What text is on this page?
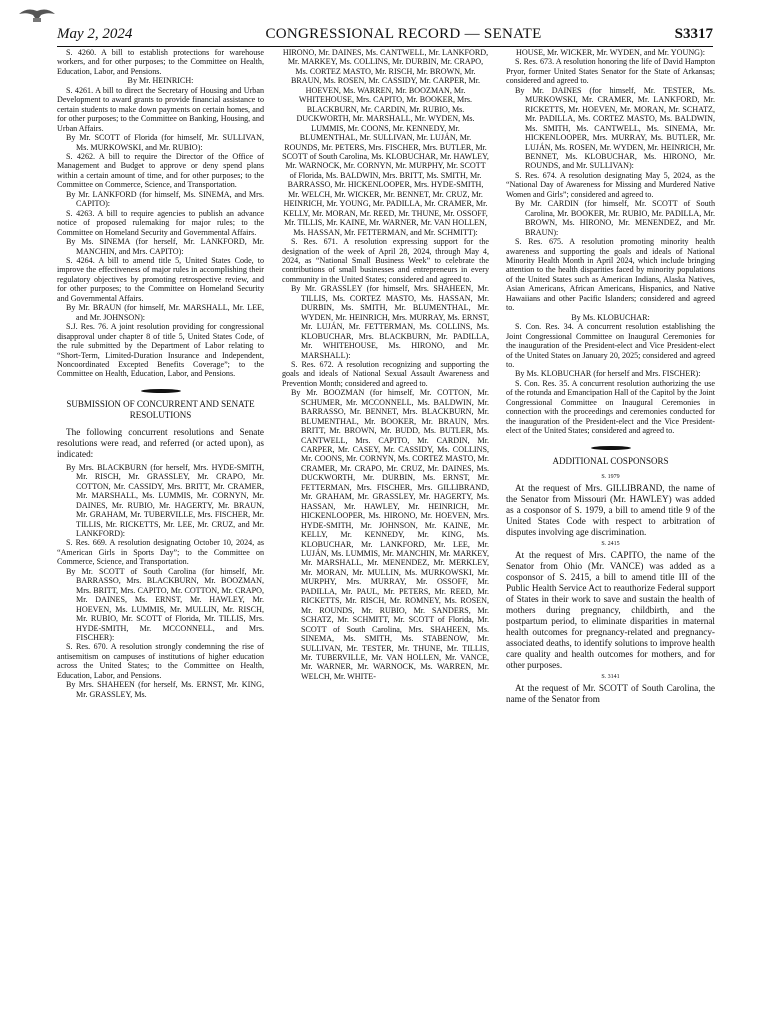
May 2, 2024	CONGRESSIONAL RECORD — SENATE	S3317

S. 4260. A bill to establish protections for warehouse workers, and for other purposes; to the Committee on Health, Education, Labor, and Pensions.

By Mr. HEINRICH:

S. 4261. A bill to direct the Secretary of Housing and Urban Development to award grants to provide financial assistance to certain students to make down payments on certain homes, and for other purposes; to the Committee on Banking, Housing, and Urban Affairs.

By Mr. SCOTT of Florida (for himself, Mr. SULLIVAN, Ms. MURKOWSKI, and Mr. RUBIO):

S. 4262. A bill to require the Director of the Office of Management and Budget to approve or deny spend plans within a certain amount of time, and for other purposes; to the Committee on Commerce, Science, and Transportation.

By Mr. LANKFORD (for himself, Ms. SINEMA, and Mrs. CAPITO):

S. 4263. A bill to require agencies to publish an advance notice of proposed rulemaking for major rules; to the Committee on Homeland Security and Governmental Affairs.

By Ms. SINEMA (for herself, Mr. LANKFORD, Mr. MANCHIN, and Mrs. CAPITO):

S. 4264. A bill to amend title 5, United States Code, to improve the effectiveness of major rules in accomplishing their regulatory objectives by promoting retrospective review, and for other purposes; to the Committee on Homeland Security and Governmental Affairs.

By Mr. BRAUN (for himself, Mr. MARSHALL, Mr. LEE, and Mr. JOHNSON):

S.J. Res. 76. A joint resolution providing for congressional disapproval under chapter 8 of title 5, United States Code, of the rule submitted by the Department of Labor relating to “Short-Term, Limited-Duration Insurance and Independent, Noncoordinated Excepted Benefits Coverage”; to the Committee on Health, Education, Labor, and Pensions.

SUBMISSION OF CONCURRENT AND SENATE RESOLUTIONS

The following concurrent resolutions and Senate resolutions were read, and referred (or acted upon), as indicated:

By Mrs. BLACKBURN (for herself, Mrs. HYDE-SMITH, Mr. RISCH, Mr. GRASSLEY, Mr. CRAPO, Mr. COTTON, Mr. CASSIDY, Mrs. BRITT, Mr. CRAMER, Mr. MARSHALL, Ms. LUMMIS, Mr. CORNYN, Mr. DAINES, Mr. RUBIO, Mr. HAGERTY, Mr. BRAUN, Mr. GRAHAM, Mr. TUBERVILLE, Mrs. FISCHER, Mr. TILLIS, Mr. RICKETTS, Mr. LEE, Mr. CRUZ, and Mr. LANKFORD):

S. Res. 669. A resolution designating October 10, 2024, as “American Girls in Sports Day”; to the Committee on Commerce, Science, and Transportation.

By Mr. SCOTT of South Carolina (for himself, Mr. BARRASSO, Mrs. BLACKBURN, Mr. BOOZMAN, Mrs. BRITT, Mrs. CAPITO, Mr. COTTON, Mr. CRAPO, Mr. DAINES, Ms. ERNST, Mr. HAWLEY, Mr. HOEVEN, Ms. LUMMIS, Mr. MULLIN, Mr. RISCH, Mr. RUBIO, Mr. SCOTT of Florida, Mr. TILLIS, Mrs. HYDE-SMITH, Mr. MCCONNELL, and Mrs. FISCHER):

S. Res. 670. A resolution strongly condemning the rise of antisemitism on campuses of institutions of higher education across the United States; to the Committee on Health, Education, Labor, and Pensions.

By Mrs. SHAHEEN (for herself, Ms. ERNST, Mr. KING, Mr. GRASSLEY, Ms.

HIRONO, Mr. DAINES, Ms. CANTWELL, Mr. LANKFORD, Mr. MARKEY, Ms. COLLINS, Mr. DURBIN, Mr. CRAPO, Ms. CORTEZ MASTO, Mr. RISCH, Mr. BROWN, Mr. BRAUN, Ms. ROSEN, Mr. CASSIDY, Mr. CARPER, Mr. HOEVEN, Ms. WARREN, Mr. BOOZMAN, Mr. WHITEHOUSE, Mrs. CAPITO, Mr. BOOKER, Mrs. BLACKBURN, Mr. CARDIN, Mr. RUBIO, Ms. DUCKWORTH, Mr. MARSHALL, Mr. WYDEN, Ms. LUMMIS, Mr. COONS, Mr. KENNEDY, Mr. BLUMENTHAL, Mr. SULLIVAN, Mr. LUJÁN, Mr. ROUNDS, Mr. PETERS, Mrs. FISCHER, Mrs. BUTLER, Mr. SCOTT of South Carolina, Ms. KLOBUCHAR, Mr. HAWLEY, Mr. WARNOCK, Mr. CORNYN, Mr. MURPHY, Mr. SCOTT of Florida, Ms. BALDWIN, Mrs. BRITT, Ms. SMITH, Mr. BARRASSO, Mr. HICKENLOOPER, Mrs. HYDE-SMITH, Mr. WELCH, Mr. WICKER, Mr. BENNET, Mr. CRUZ, Mr. HEINRICH, Mr. YOUNG, Mr. PADILLA, Mr. CRAMER, Mr. KELLY, Mr. MORAN, Mr. REED, Mr. THUNE, Mr. OSSOFF, Mr. TILLIS, Mr. KAINE, Mr. WARNER, Mr. VAN HOLLEN, Ms. HASSAN, Mr. FETTERMAN, and Mr. SCHMITT):

S. Res. 671. A resolution expressing support for the designation of the week of April 28, 2024, through May 4, 2024, as “National Small Business Week” to celebrate the contributions of small businesses and entrepreneurs in every community in the United States; considered and agreed to.

By Mr. GRASSLEY (for himself, Mrs. SHAHEEN, Mr. TILLIS, Ms. CORTEZ MASTO, Ms. HASSAN, Mr. DURBIN, Ms. SMITH, Mr. BLUMENTHAL, Mr. WYDEN, Mr. HEINRICH, Mrs. MURRAY, Ms. ERNST, Mr. LUJÁN, Mr. FETTERMAN, Ms. COLLINS, Ms. KLOBUCHAR, Mrs. BLACKBURN, Mr. PADILLA, Mr. WHITEHOUSE, Ms. HIRONO, and Mr. MARSHALL):

S. Res. 672. A resolution recognizing and supporting the goals and ideals of National Sexual Assault Awareness and Prevention Month; considered and agreed to.

By Mr. BOOZMAN (for himself, Mr. COTTON, Mr. SCHUMER, Mr. MCCONNELL, Ms. BALDWIN, Mr. BARRASSO, Mr. BENNET, Mrs. BLACKBURN, Mr. BLUMENTHAL, Mr. BOOKER, Mr. BRAUN, Mrs. BRITT, Mr. BROWN, Mr. BUDD, Ms. BUTLER, Ms. CANTWELL, Mrs. CAPITO, Mr. CARDIN, Mr. CARPER, Mr. CASEY, Mr. CASSIDY, Ms. COLLINS, Mr. COONS, Mr. CORNYN, Ms. CORTEZ MASTO, Mr. CRAMER, Mr. CRAPO, Mr. CRUZ, Mr. DAINES, Ms. DUCKWORTH, Mr. DURBIN, Ms. ERNST, Mr. FETTERMAN, Mrs. FISCHER, Mrs. GILLIBRAND, Mr. GRAHAM, Mr. GRASSLEY, Mr. HAGERTY, Ms. HASSAN, Mr. HAWLEY, Mr. HEINRICH, Mr. HICKENLOOPER, Ms. HIRONO, Mr. HOEVEN, Mrs. HYDE-SMITH, Mr. JOHNSON, Mr. KAINE, Mr. KELLY, Mr. KENNEDY, Mr. KING, Ms. KLOBUCHAR, Mr. LANKFORD, Mr. LEE, Mr. LUJÁN, Ms. LUMMIS, Mr. MANCHIN, Mr. MARKEY, Mr. MARSHALL, Mr. MENENDEZ, Mr. MERKLEY, Mr. MORAN, Mr. MULLIN, Ms. MURKOWSKI, Mr. MURPHY, Mrs. MURRAY, Mr. OSSOFF, Mr. PADILLA, Mr. PAUL, Mr. PETERS, Mr. REED, Mr. RICKETTS, Mr. RISCH, Mr. ROMNEY, Ms. ROSEN, Mr. ROUNDS, Mr. RUBIO, Mr. SANDERS, Mr. SCHATZ, Mr. SCHMITT, Mr. SCOTT of Florida, Mr. SCOTT of South Carolina, Mrs. SHAHEEN, Ms. SINEMA, Ms. SMITH, Ms. STABENOW, Mr. SULLIVAN, Mr. TESTER, Mr. THUNE, Mr. TILLIS, Mr. TUBERVILLE, Mr. VAN HOLLEN, Mr. VANCE, Mr. WARNER, Mr. WARNOCK, Ms. WARREN, Mr. WELCH, Mr. WHITE-

HOUSE, Mr. WICKER, Mr. WYDEN, and Mr. YOUNG):

S. Res. 673. A resolution honoring the life of David Hampton Pryor, former United States Senator for the State of Arkansas; considered and agreed to.

By Mr. DAINES (for himself, Mr. TESTER, Ms. MURKOWSKI, Mr. CRAMER, Mr. LANKFORD, Mr. RICKETTS, Mr. HOEVEN, Mr. MORAN, Mr. SCHATZ, Mr. PADILLA, Ms. CORTEZ MASTO, Ms. BALDWIN, Ms. SMITH, Ms. CANTWELL, Ms. SINEMA, Mr. HICKENLOOPER, Mrs. MURRAY, Ms. BUTLER, Mr. LUJÁN, Ms. ROSEN, Mr. WYDEN, Mr. HEINRICH, Mr. BENNET, Ms. KLOBUCHAR, Ms. HIRONO, Mr. ROUNDS, and Mr. SULLIVAN):

S. Res. 674. A resolution designating May 5, 2024, as the “National Day of Awareness for Missing and Murdered Native Women and Girls”; considered and agreed to.

By Mr. CARDIN (for himself, Mr. SCOTT of South Carolina, Mr. BOOKER, Mr. RUBIO, Mr. PADILLA, Mr. BROWN, Ms. HIRONO, Mr. MENENDEZ, and Mr. BRAUN):

S. Res. 675. A resolution promoting minority health awareness and supporting the goals and ideals of National Minority Health Month in April 2024, which include bringing attention to the health disparities faced by minority populations of the United States such as American Indians, Alaska Natives, Asian Americans, African Americans, Hispanics, and Native Hawaiians and other Pacific Islanders; considered and agreed to.

By Ms. KLOBUCHAR:

S. Con. Res. 34. A concurrent resolution establishing the Joint Congressional Committee on Inaugural Ceremonies for the inauguration of the President-elect and Vice President-elect of the United States on January 20, 2025; considered and agreed to.

By Ms. KLOBUCHAR (for herself and Mrs. FISCHER):

S. Con. Res. 35. A concurrent resolution authorizing the use of the rotunda and Emancipation Hall of the Capitol by the Joint Congressional Committee on Inaugural Ceremonies in connection with the proceedings and ceremonies conducted for the inauguration of the President-elect and the Vice President-elect of the United States; considered and agreed to.

ADDITIONAL COSPONSORS
S. 1979

At the request of Mrs. GILLIBRAND, the name of the Senator from Missouri (Mr. HAWLEY) was added as a cosponsor of S. 1979, a bill to amend title 9 of the United States Code with respect to arbitration of disputes involving age discrimination.

S. 2415

At the request of Mrs. CAPITO, the name of the Senator from Ohio (Mr. VANCE) was added as a cosponsor of S. 2415, a bill to amend title III of the Public Health Service Act to reauthorize Federal support of States in their work to save and sustain the health of mothers during pregnancy, childbirth, and the postpartum period, to eliminate disparities in maternal health outcomes for pregnancy-related and pregnancy-associated deaths, to identify solutions to improve health care quality and health outcomes for mothers, and for other purposes.

S. 3141

At the request of Mr. SCOTT of South Carolina, the name of the Senator from
